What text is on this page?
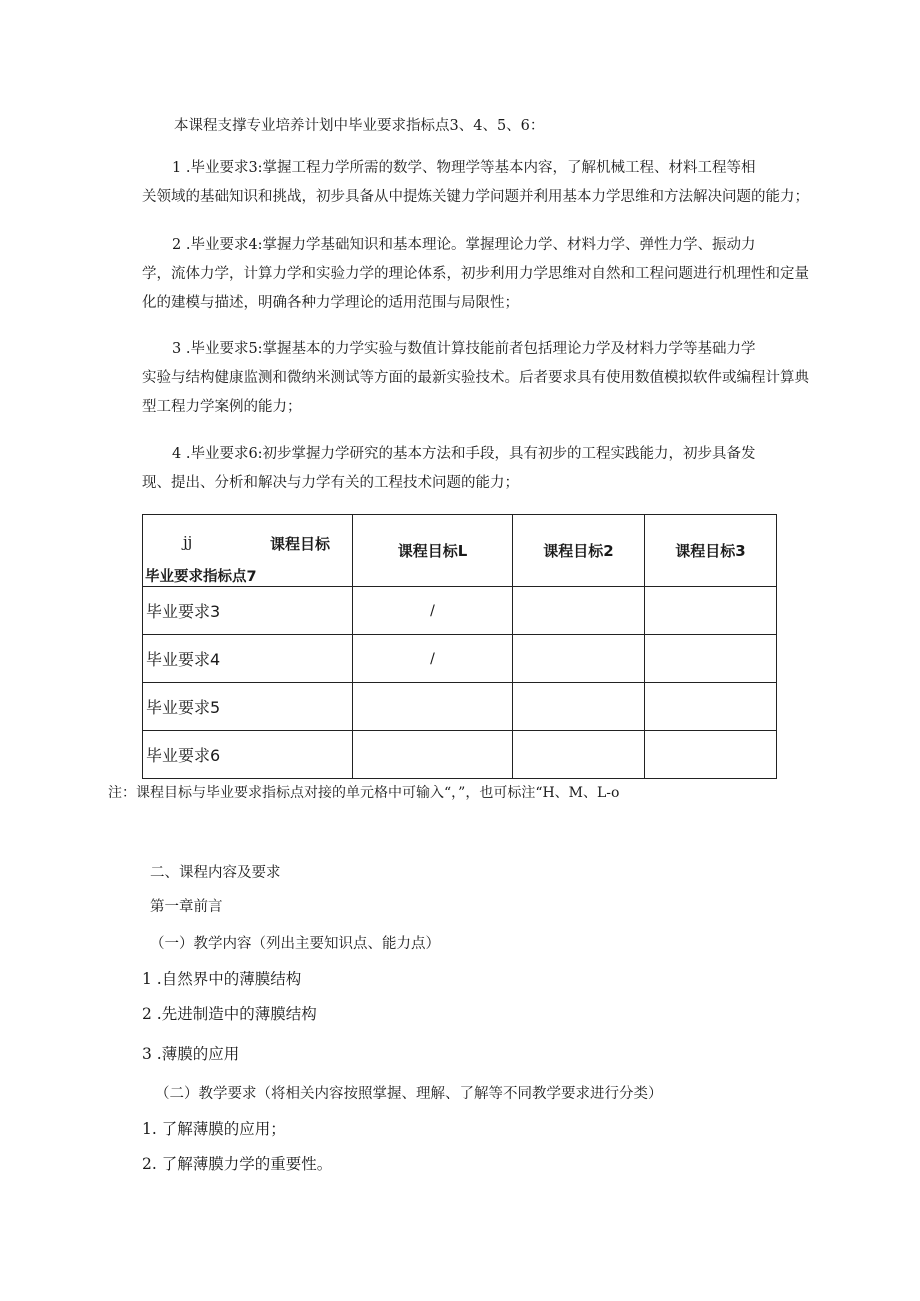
本课程支撑专业培养计划中毕业要求指标点3、4、5、6：

1 .毕业要求3:掌握工程力学所需的数学、物理学等基本内容，了解机械工程、材料工程等相
关领域的基础知识和挑战，初步具备从中提炼关键力学问题并利用基本力学思维和方法解决问题的能力；
2 .毕业要求4:掌握力学基础知识和基本理论。掌握理论力学、材料力学、弹性力学、振动力
学，流体力学，计算力学和实验力学的理论体系，初步利用力学思维对自然和工程问题进行机理性和定量
化的建模与描述，明确各种力学理论的适用范围与局限性；
3 .毕业要求5:掌握基本的力学实验与数值计算技能前者包括理论力学及材料力学等基础力学
实验与结构健康监测和微纳米测试等方面的最新实验技术。后者要求具有使用数值模拟软件或编程计算典
型工程力学案例的能力；
4 .毕业要求6:初步掌握力学研究的基本方法和手段，具有初步的工程实践能力，初步具备发
现、提出、分析和解决与力学有关的工程技术问题的能力；
jj 课程目标
毕业要求指标点7	课程目标L	课程目标2	课程目标3
毕业要求3	/		
毕业要求4	/		
毕业要求5			
毕业要求6			

注：课程目标与毕业要求指标点对接的单元格中可输入“，”，也可标注“H、M、L-o

二、课程内容及要求

第一章前言

（一）教学内容（列出主要知识点、能力点）

1 .自然界中的薄膜结构

2 .先进制造中的薄膜结构

3 .薄膜的应用

（二）教学要求（将相关内容按照掌握、理解、了解等不同教学要求进行分类）

1. 了解薄膜的应用；

2. 了解薄膜力学的重要性。
